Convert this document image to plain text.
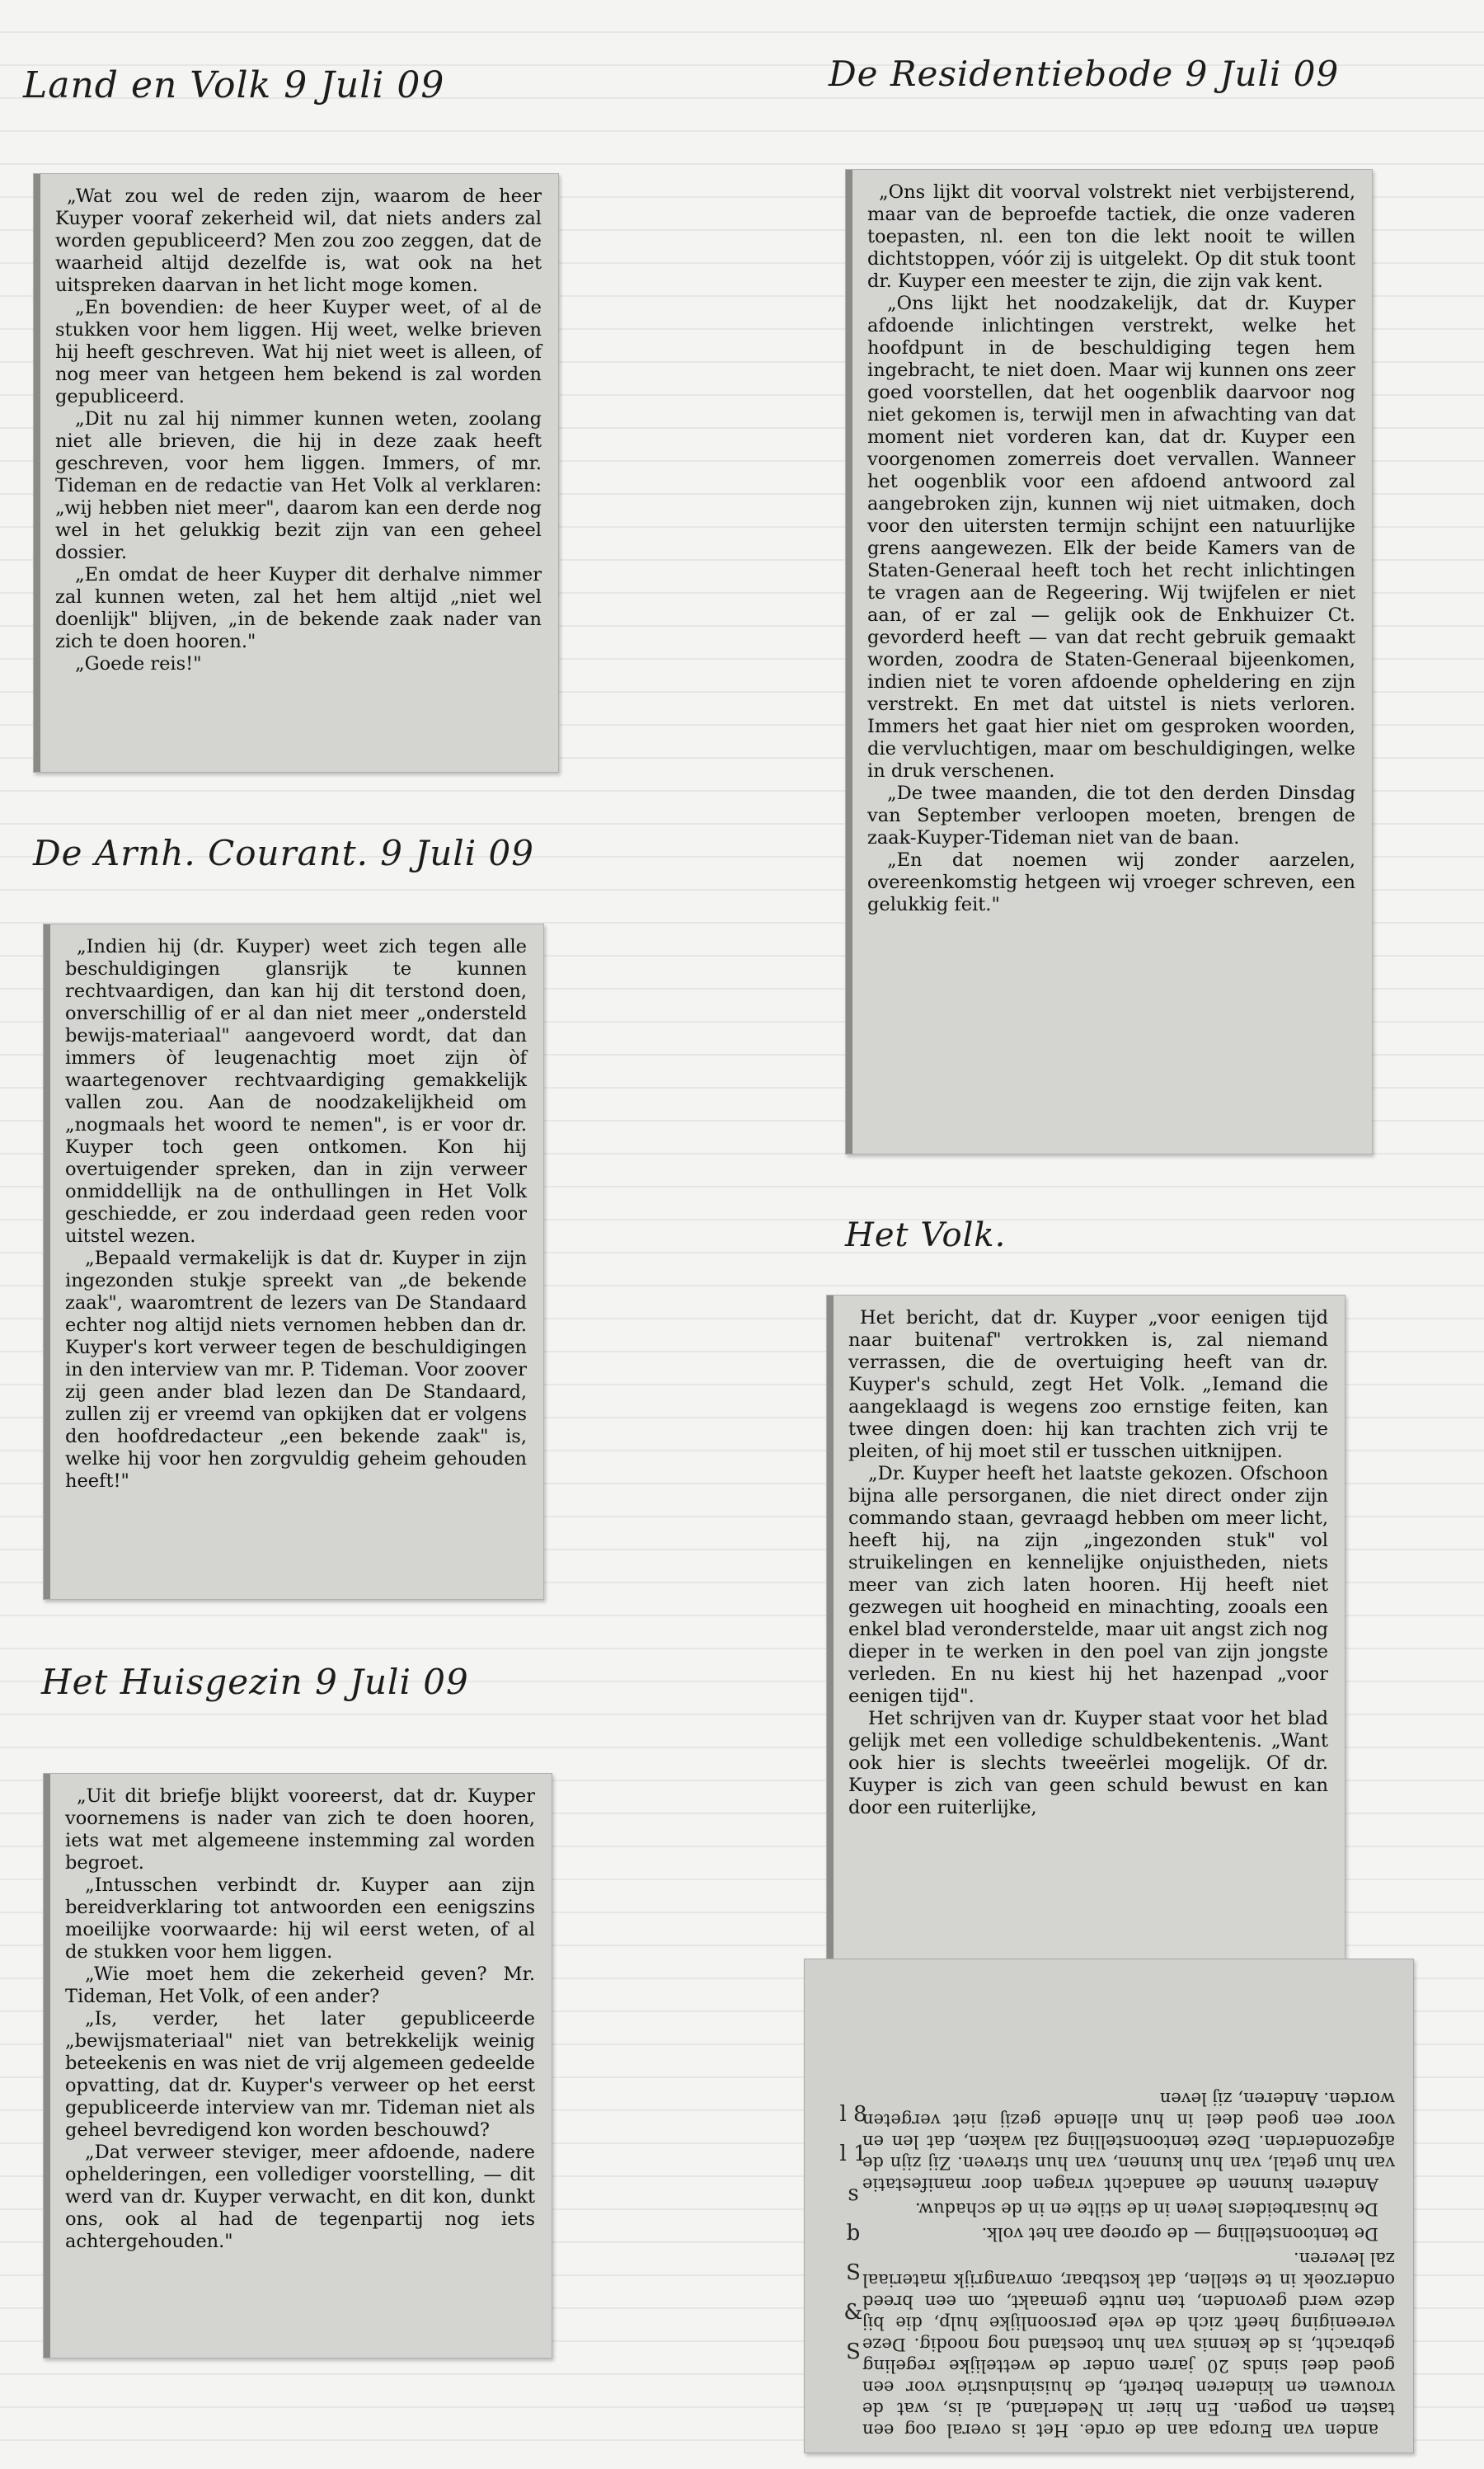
Land en Volk 9 Juli 09	De Residentiebode 9 Juli 09
De Arnh. Courant. 9 Juli 09
Het Volk.
Het Huisgezin 9 Juli 09

„Wat zou wel de reden zijn, waarom de heer Kuyper vooraf zekerheid wil, dat niets anders zal worden gepubliceerd? Men zou zoo zeggen, dat de waarheid altijd dezelfde is, wat ook na het uitspreken daarvan in het licht moge komen.

„En bovendien: de heer Kuyper weet, of al de stukken voor hem liggen. Hij weet, welke brieven hij heeft geschreven. Wat hij niet weet is alleen, of nog meer van hetgeen hem bekend is zal worden gepubliceerd.

„Dit nu zal hij nimmer kunnen weten, zoolang niet alle brieven, die hij in deze zaak heeft geschreven, voor hem liggen. Immers, of mr. Tideman en de redactie van Het Volk al verklaren: „wij hebben niet meer", daarom kan een derde nog wel in het gelukkig bezit zijn van een geheel dossier.

„En omdat de heer Kuyper dit derhalve nimmer zal kunnen weten, zal het hem altijd „niet wel doenlijk" blijven, „in de bekende zaak nader van zich te doen hooren."

„Goede reis!"

„Indien hij (dr. Kuyper) weet zich tegen alle beschuldigingen glansrijk te kunnen rechtvaardigen, dan kan hij dit terstond doen, onverschillig of er al dan niet meer „ondersteld bewijs-materiaal" aangevoerd wordt, dat dan immers òf leugenachtig moet zijn òf waartegenover rechtvaardiging gemakkelijk vallen zou. Aan de noodzakelijkheid om „nogmaals het woord te nemen", is er voor dr. Kuyper toch geen ontkomen. Kon hij overtuigender spreken, dan in zijn verweer onmiddellijk na de onthullingen in Het Volk geschiedde, er zou inderdaad geen reden voor uitstel wezen.

„Bepaald vermakelijk is dat dr. Kuyper in zijn ingezonden stukje spreekt van „de bekende zaak", waaromtrent de lezers van De Standaard echter nog altijd niets vernomen hebben dan dr. Kuyper's kort verweer tegen de beschuldigingen in den interview van mr. P. Tideman. Voor zoover zij geen ander blad lezen dan De Standaard, zullen zij er vreemd van opkijken dat er volgens den hoofdredacteur „een bekende zaak" is, welke hij voor hen zorgvuldig geheim gehouden heeft!"

„Uit dit briefje blijkt vooreerst, dat dr. Kuyper voornemens is nader van zich te doen hooren, iets wat met algemeene instemming zal worden begroet.

„Intusschen verbindt dr. Kuyper aan zijn bereidverklaring tot antwoorden een eenigszins moeilijke voorwaarde: hij wil eerst weten, of al de stukken voor hem liggen.

„Wie moet hem die zekerheid geven? Mr. Tideman, Het Volk, of een ander?

„Is, verder, het later gepubliceerde „bewijsmateriaal" niet van betrekkelijk weinig beteekenis en was niet de vrij algemeen gedeelde opvatting, dat dr. Kuyper's verweer op het eerst gepubliceerde interview van mr. Tideman niet als geheel bevredigend kon worden beschouwd?

„Dat verweer steviger, meer afdoende, nadere ophelderingen, een vollediger voorstelling, — dit werd van dr. Kuyper verwacht, en dit kon, dunkt ons, ook al had de tegenpartij nog iets achtergehouden."

„Ons lijkt dit voorval volstrekt niet verbijsterend, maar van de beproefde tactiek, die onze vaderen toepasten, nl. een ton die lekt nooit te willen dichtstoppen, vóór zij is uitgelekt. Op dit stuk toont dr. Kuyper een meester te zijn, die zijn vak kent.

„Ons lijkt het noodzakelijk, dat dr. Kuyper afdoende inlichtingen verstrekt, welke het hoofdpunt in de beschuldiging tegen hem ingebracht, te niet doen. Maar wij kunnen ons zeer goed voorstellen, dat het oogenblik daarvoor nog niet gekomen is, terwijl men in afwachting van dat moment niet vorderen kan, dat dr. Kuyper een voorgenomen zomerreis doet vervallen. Wanneer het oogenblik voor een afdoend antwoord zal aangebroken zijn, kunnen wij niet uitmaken, doch voor den uitersten termijn schijnt een natuurlijke grens aangewezen. Elk der beide Kamers van de Staten-Generaal heeft toch het recht inlichtingen te vragen aan de Regeering. Wij twijfelen er niet aan, of er zal — gelijk ook de Enkhuizer Ct. gevorderd heeft — van dat recht gebruik gemaakt worden, zoodra de Staten-Generaal bijeenkomen, indien niet te voren afdoende opheldering en zijn verstrekt. En met dat uitstel is niets verloren. Immers het gaat hier niet om gesproken woorden, die vervluchtigen, maar om beschuldigingen, welke in druk verschenen.

„De twee maanden, die tot den derden Dinsdag van September verloopen moeten, brengen de zaak-Kuyper-Tideman niet van de baan.

„En dat noemen wij zonder aarzelen, overeenkomstig hetgeen wij vroeger schreven, een gelukkig feit."

Het bericht, dat dr. Kuyper „voor eenigen tijd naar buitenaf" vertrokken is, zal niemand verrassen, die de overtuiging heeft van dr. Kuyper's schuld, zegt Het Volk. „Iemand die aangeklaagd is wegens zoo ernstige feiten, kan twee dingen doen: hij kan trachten zich vrij te pleiten, of hij moet stil er tusschen uitknijpen.

„Dr. Kuyper heeft het laatste gekozen. Ofschoon bijna alle persorganen, die niet direct onder zijn commando staan, gevraagd hebben om meer licht, heeft hij, na zijn „ingezonden stuk" vol struikelingen en kennelijke onjuistheden, niets meer van zich laten hooren. Hij heeft niet gezwegen uit hoogheid en minachting, zooals een enkel blad veronderstelde, maar uit angst zich nog dieper in te werken in den poel van zijn jongste verleden. En nu kiest hij het hazenpad „voor eenigen tijd".

Het schrijven van dr. Kuyper staat voor het blad gelijk met een volledige schuldbekentenis. „Want ook hier is slechts tweeërlei mogelijk. Of dr. Kuyper is zich van geen schuld bewust en kan door een ruiterlijke,

anden van Europa aan de orde. Het is overal oog een tasten en pogen. En hier in Nederland, al is, wat de vrouwen en kinderen betreft, de huisindustrie voor een goed deel sinds 20 jaren onder de wettelijke regeling gebracht, is de kennis van hun toestand nog noodig. Deze vereeniging heeft zich de vele persoonlijke hulp, die bij deze werd gevonden, ten nutte gemaakt, om een breed onderzoek in te stellen, dat kostbaar, omvangrijk materiaal zal leveren.

De tentoonstelling — de oproep aan het volk.

De huisarbeiders leven in de stilte en in de schaduw.

Anderen kunnen de aandacht vragen door manifestatie van hun getal, van hun kunnen, van hun streven. Zij zijn de afgezonderden. Deze tentoonstelling zal waken, dat len en voor een goed deel in hun ellende gezij niet vergeten worden. Anderen, zij leven

l 8 l 1 s b S & S
